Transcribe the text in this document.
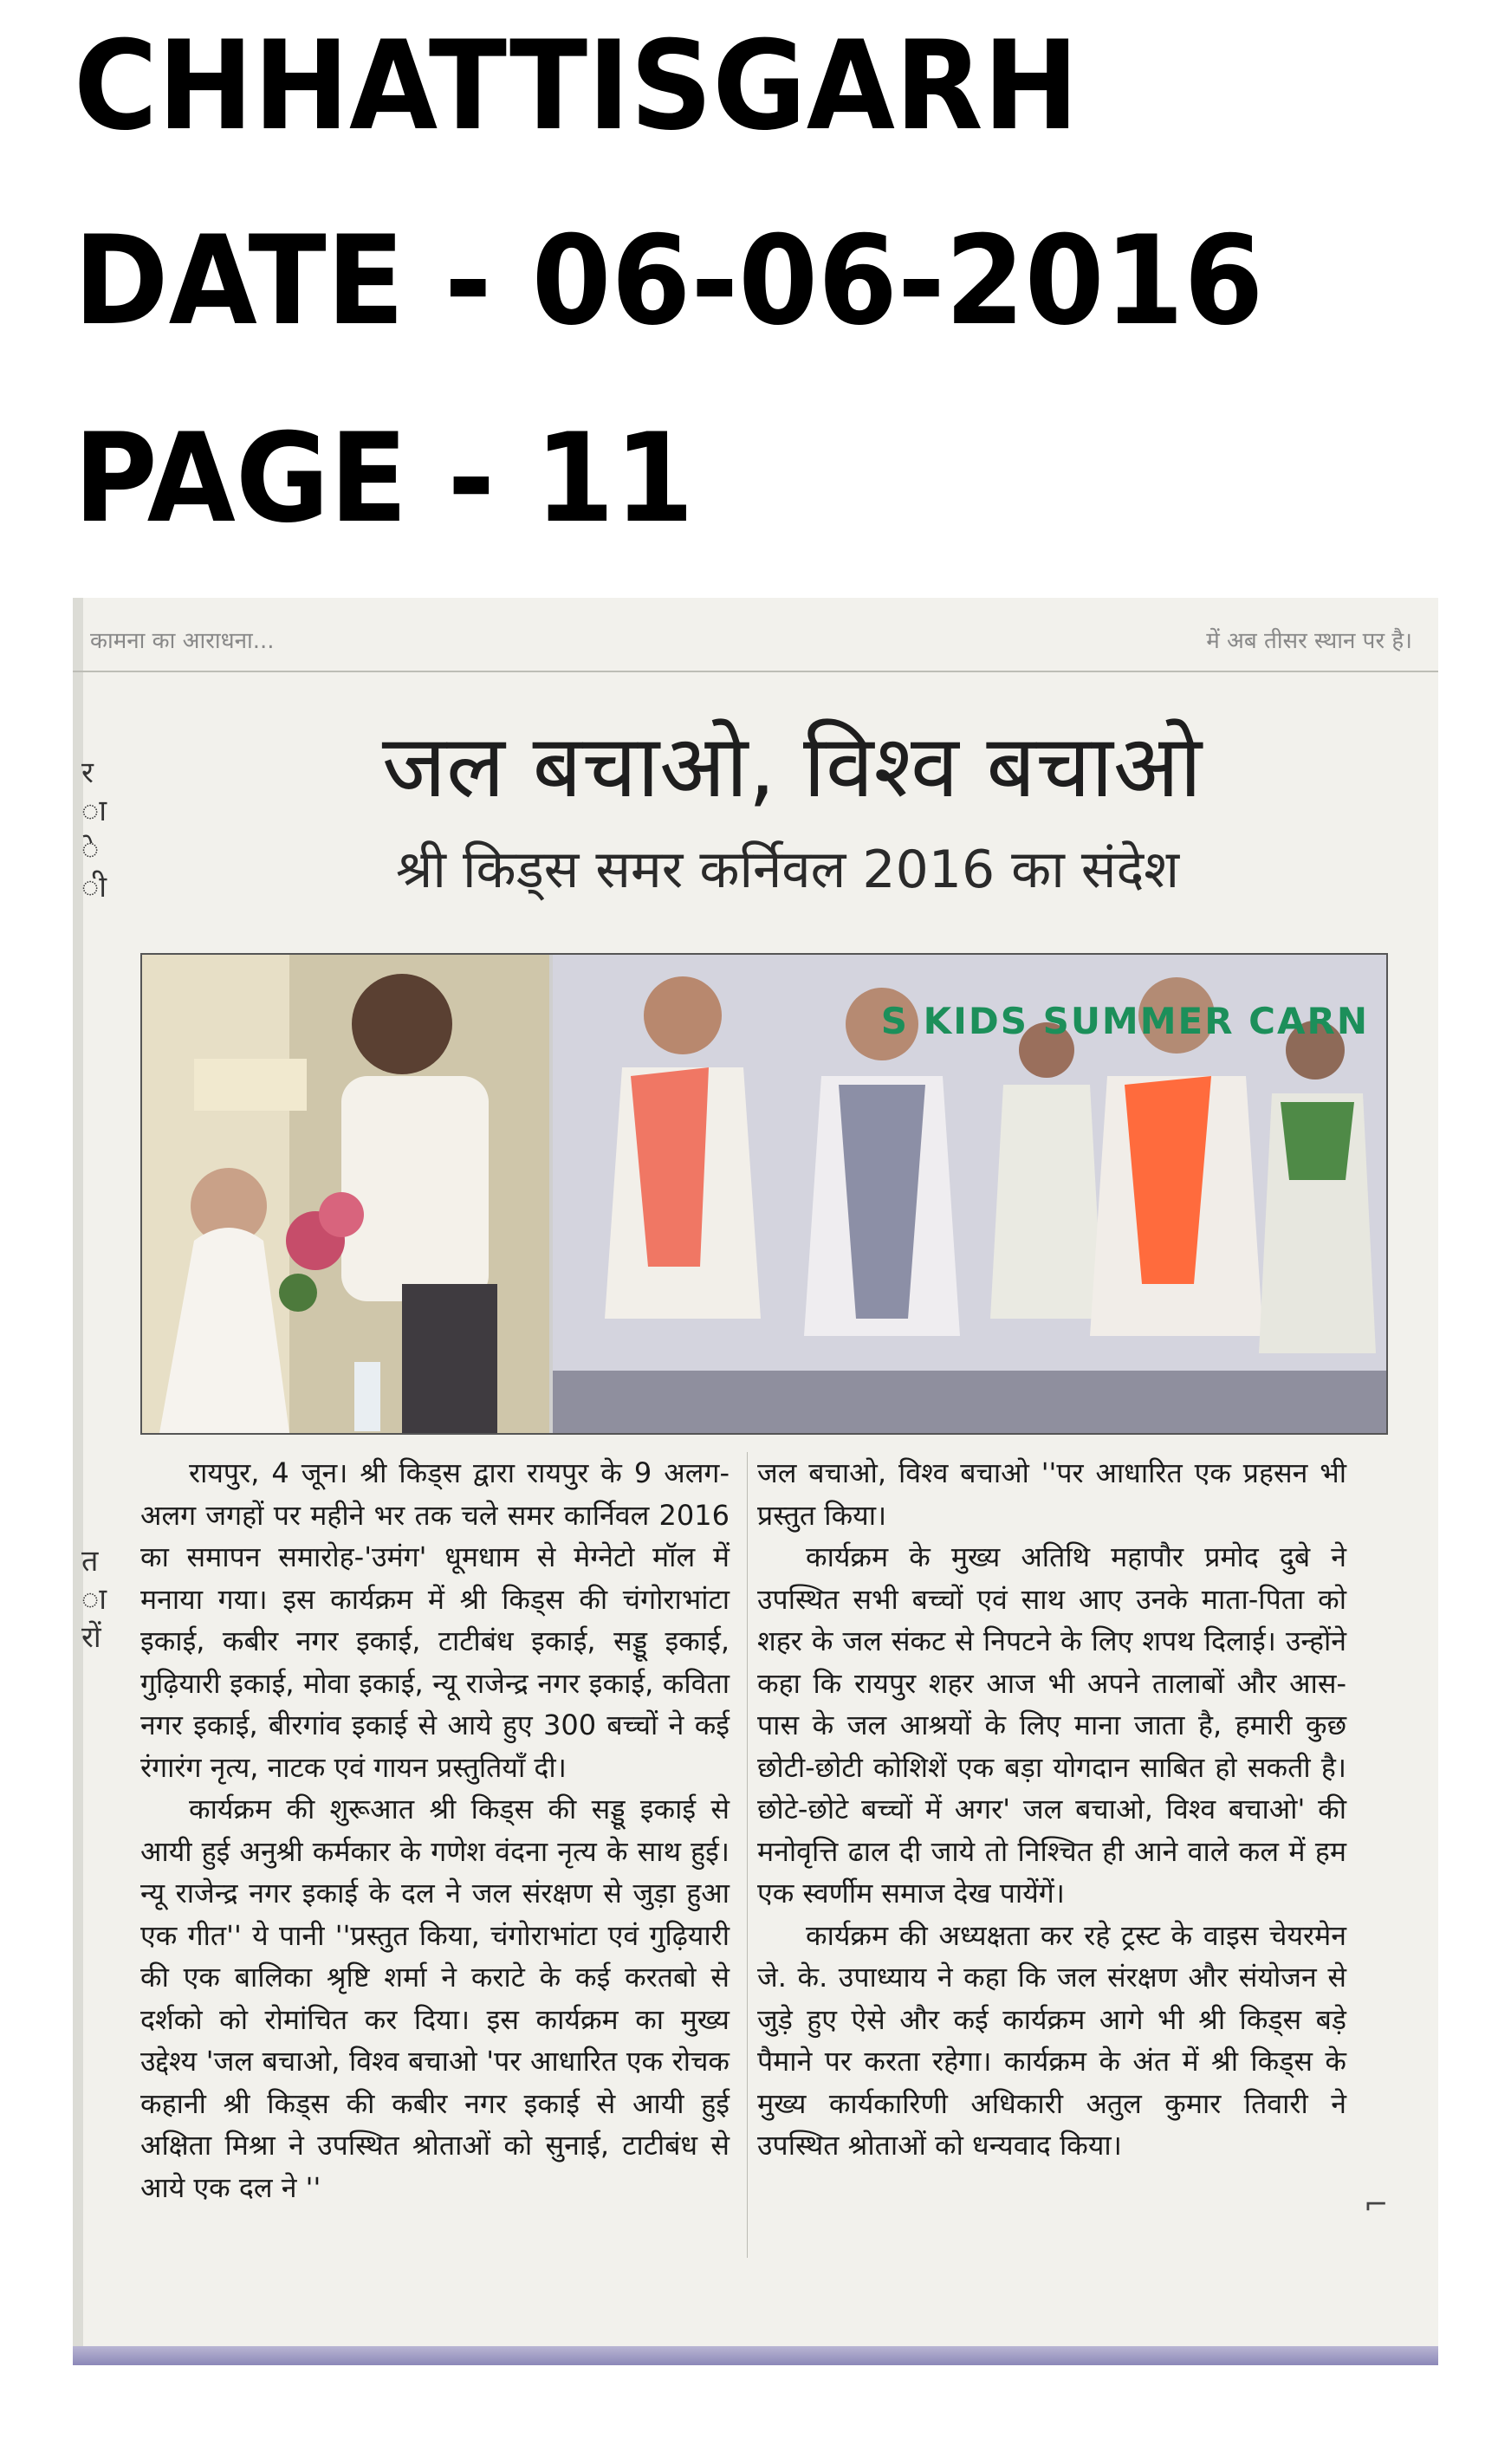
CHHATTISGARH
DATE - 06-06-2016
PAGE - 11
कामना का आराधना...	में अब तीसर स्थान पर है।
र
ा
े
ी
त
ा
रों
जल बचाओ, विश्व बचाओ
श्री किड्स समर कर्निवल 2016 का संदेश
S KIDS SUMMER CARN

रायपुर, 4 जून। श्री किड्स द्वारा रायपुर के 9 अलग-अलग जगहों पर महीने भर तक चले समर कार्निवल 2016 का समापन समारोह-'उमंग' धूमधाम से मेग्नेटो मॉल में मनाया गया। इस कार्यक्रम में श्री किड्स की चंगोराभांटा इकाई, कबीर नगर इकाई, टाटीबंध इकाई, सड्डू इकाई, गुढ़ियारी इकाई, मोवा इकाई, न्यू राजेन्द्र नगर इकाई, कविता नगर इकाई, बीरगांव इकाई से आये हुए 300 बच्चों ने कई रंगारंग नृत्य, नाटक एवं गायन प्रस्तुतियाँ दी।

कार्यक्रम की शुरूआत श्री किड्स की सड्डू इकाई से आयी हुई अनुश्री कर्मकार के गणेश वंदना नृत्य के साथ हुई। न्यू राजेन्द्र नगर इकाई के दल ने जल संरक्षण से जुड़ा हुआ एक गीत'' ये पानी ''प्रस्तुत किया, चंगोराभांटा एवं गुढ़ियारी की एक बालिका श्रृष्टि शर्मा ने कराटे के कई करतबो से दर्शको को रोमांचित कर दिया। इस कार्यक्रम का मुख्य उद्देश्य 'जल बचाओ, विश्व बचाओ 'पर आधारित एक रोचक कहानी श्री किड्स की कबीर नगर इकाई से आयी हुई अक्षिता मिश्रा ने उपस्थित श्रोताओं को सुनाई, टाटीबंध से आये एक दल ने ''

जल बचाओ, विश्व बचाओ ''पर आधारित एक प्रहसन भी प्रस्तुत किया।

कार्यक्रम के मुख्य अतिथि महापौर प्रमोद दुबे ने उपस्थित सभी बच्चों एवं साथ आए उनके माता-पिता को शहर के जल संकट से निपटने के लिए शपथ दिलाई। उन्होंने कहा कि रायपुर शहर आज भी अपने तालाबों और आस-पास के जल आश्रयों के लिए माना जाता है, हमारी कुछ छोटी-छोटी कोशिशें एक बड़ा योगदान साबित हो सकती है। छोटे-छोटे बच्चों में अगर' जल बचाओ, विश्व बचाओ' की मनोवृत्ति ढाल दी जाये तो निश्चित ही आने वाले कल में हम एक स्वर्णीम समाज देख पायेंगें।

कार्यक्रम की अध्यक्षता कर रहे ट्रस्ट के वाइस चेयरमेन जे. के. उपाध्याय ने कहा कि जल संरक्षण और संयोजन से जुड़े हुए ऐसे और कई कार्यक्रम आगे भी श्री किड्स बड़े पैमाने पर करता रहेगा। कार्यक्रम के अंत में श्री किड्स के मुख्य कार्यकारिणी अधिकारी अतुल कुमार तिवारी ने उपस्थित श्रोताओं को धन्यवाद किया।

⌐
